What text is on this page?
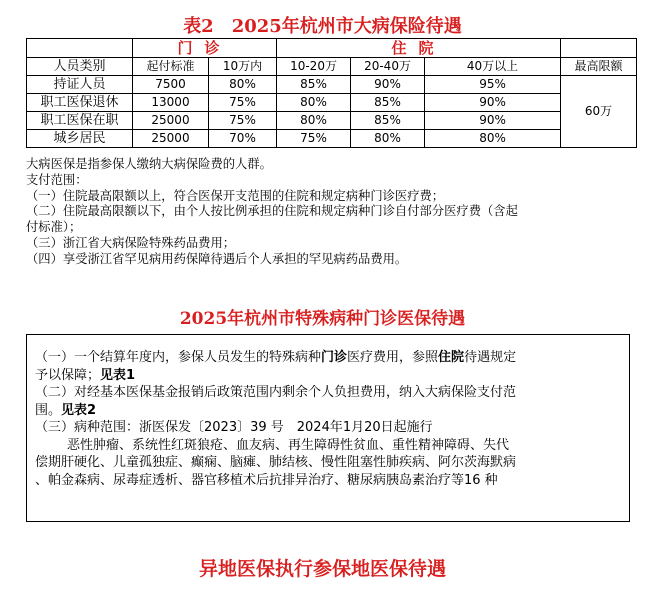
表2　2025年杭州市大病保险待遇
	门诊		住院			
人员类别	起付标准	10万内	10-20万	20-40万	40万以上	最高限额
持证人员	7500	80%	85%	90%	95%	60万
职工医保退休	13000	75%	80%	85%	90%	
职工医保在职	25000	75%	80%	85%	90%	
城乡居民	25000	70%	75%	80%	80%	
大病医保是指参保人缴纳大病保险费的人群。
支付范围：
（一）住院最高限额以上，符合医保开支范围的住院和规定病种门诊医疗费；
（二）住院最高限额以下，由个人按比例承担的住院和规定病种门诊自付部分医疗费（含起
付标准）；
（三）浙江省大病保险特殊药品费用；
（四）享受浙江省罕见病用药保障待遇后个人承担的罕见病药品费用。
2025年杭州市特殊病种门诊医保待遇
（一）一个结算年度内，参保人员发生的特殊病种门诊医疗费用，参照住院待遇规定
予以保障；见表1
（二）对经基本医保基金报销后政策范围内剩余个人负担费用，纳入大病保险支付范
围。见表2
（三）病种范围：浙医保发〔2023〕39 号　2024年1月20日起施行
恶性肿瘤、系统性红斑狼疮、血友病、再生障碍性贫血、重性精神障碍、失代
偿期肝硬化、儿童孤独症、癫痫、脑瘫、肺结核、慢性阻塞性肺疾病、阿尔茨海默病
、帕金森病、尿毒症透析、器官移植术后抗排异治疗、糖尿病胰岛素治疗等16 种
异地医保执行参保地医保待遇
